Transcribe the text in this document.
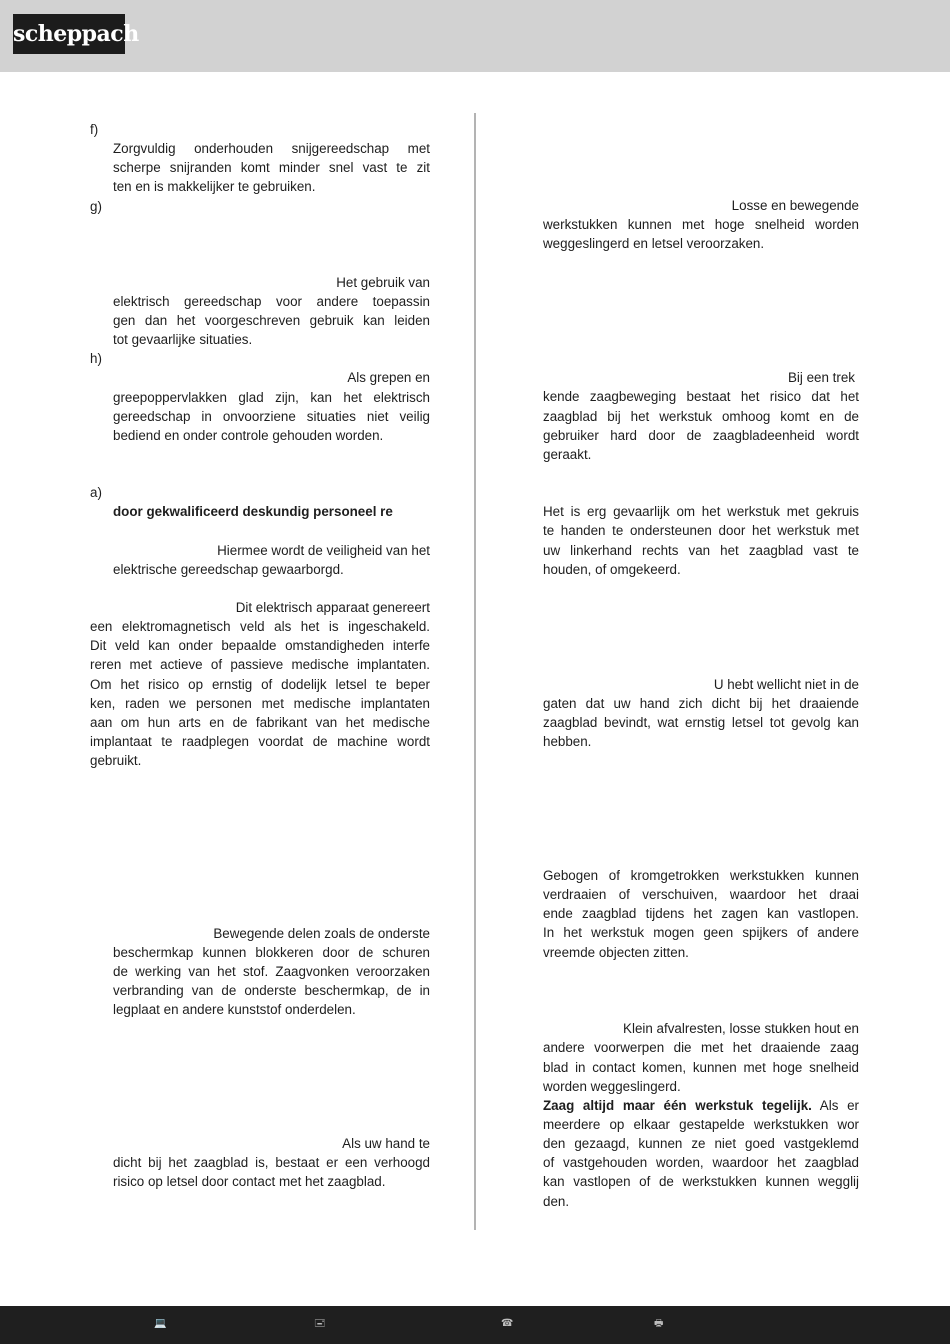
scheppach
f)

Zorgvuldig onderhouden snijgereedschap met

scherpe snijranden komt minder snel vast te zit

ten en is makkelijker te gebruiken.

g)

Het gebruik van

elektrisch gereedschap voor andere toepassin

gen dan het voorgeschreven gebruik kan leiden

tot gevaarlijke situaties.

h)

Als grepen en

greepoppervlakken glad zijn, kan het elektrisch

gereedschap in onvoorziene situaties niet veilig

bediend en onder controle gehouden worden.

a)

door gekwalificeerd deskundig personeel re

Hiermee wordt de veiligheid van het

elektrische gereedschap gewaarborgd.

Dit elektrisch apparaat genereert

een elektromagnetisch veld als het is ingeschakeld.

Dit veld kan onder bepaalde omstandigheden interfe

reren met actieve of passieve medische implantaten.

Om het risico op ernstig of dodelijk letsel te beper

ken, raden we personen met medische implantaten

aan om hun arts en de fabrikant van het medische

implantaat te raadplegen voordat de machine wordt

gebruikt.

Bewegende delen zoals de onderste

beschermkap kunnen blokkeren door de schuren

de werking van het stof. Zaagvonken veroorzaken

verbranding van de onderste beschermkap, de in

legplaat en andere kunststof onderdelen.

Als uw hand te

dicht bij het zaagblad is, bestaat er een verhoogd

risico op letsel door contact met het zaagblad.

Losse en bewegende

werkstukken kunnen met hoge snelheid worden

weggeslingerd en letsel veroorzaken.

Bij een trek

kende zaagbeweging bestaat het risico dat het

zaagblad bij het werkstuk omhoog komt en de

gebruiker hard door de zaagbladeenheid wordt

geraakt.

Het is erg gevaarlijk om het werkstuk met gekruis

te handen te ondersteunen door het werkstuk met

uw linkerhand rechts van het zaagblad vast te

houden, of omgekeerd.

U hebt wellicht niet in de

gaten dat uw hand zich dicht bij het draaiende

zaagblad bevindt, wat ernstig letsel tot gevolg kan

hebben.

Gebogen of kromgetrokken werkstukken kunnen

verdraaien of verschuiven, waardoor het draai

ende zaagblad tijdens het zagen kan vastlopen.

In het werkstuk mogen geen spijkers of andere

vreemde objecten zitten.

Klein afvalresten, losse stukken hout en

andere voorwerpen die met het draaiende zaag

blad in contact komen, kunnen met hoge snelheid

worden weggeslingerd.

Zaag altijd maar één werkstuk tegelijk. Als er

meerdere op elkaar gestapelde werkstukken wor

den gezaagd, kunnen ze niet goed vastgeklemd

of vastgehouden worden, waardoor het zaagblad

kan vastlopen of de werkstukken kunnen wegglij

den.

💻	🖃	☎	🖶
